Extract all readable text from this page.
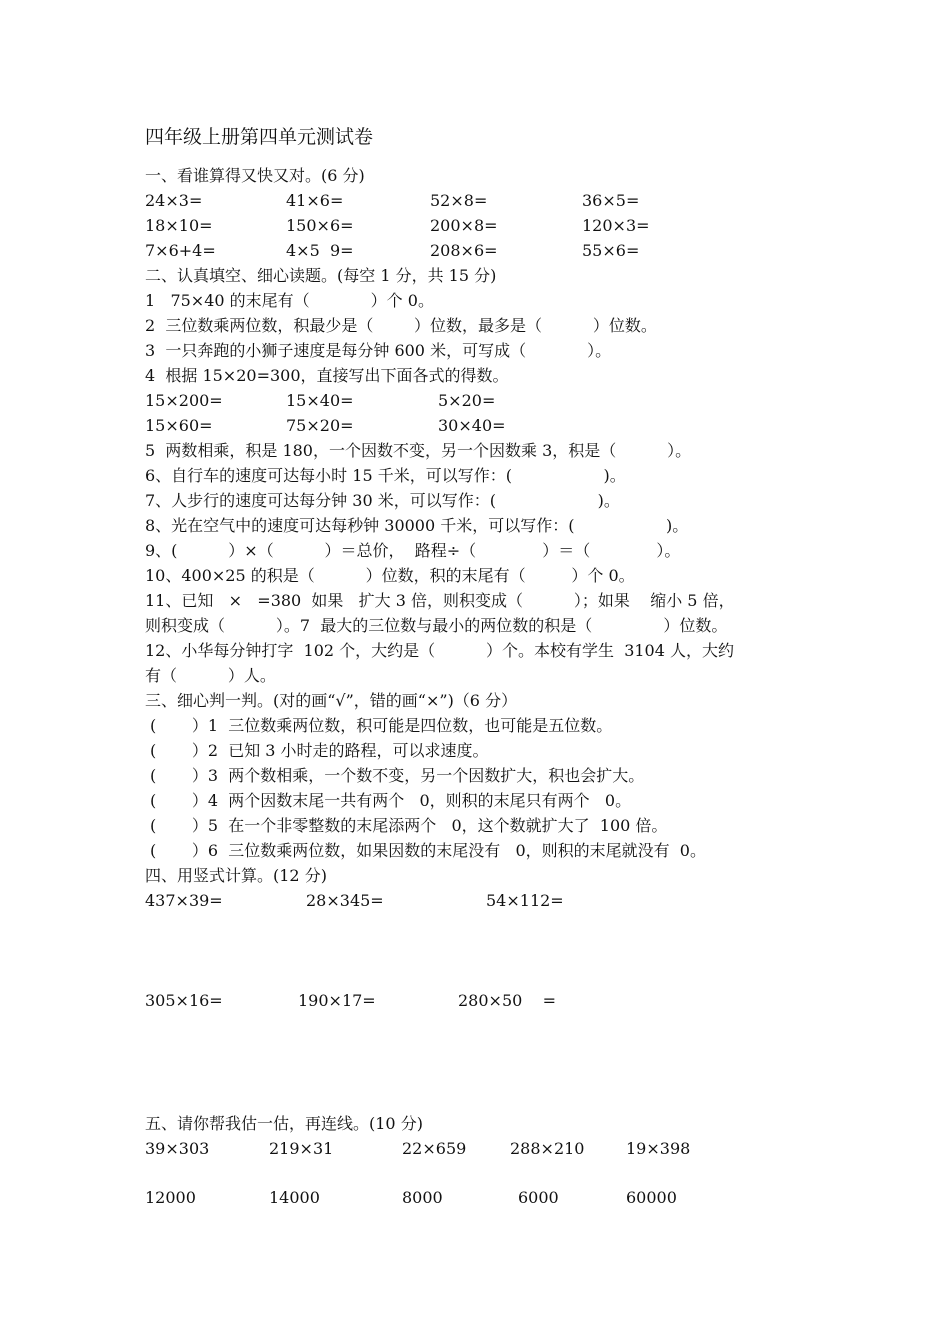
四年级上册第四单元测试卷
一、看谁算得又快又对。(6 分)
24×3=	41×6=	52×8=	36×5=
18×10=	150×6=	200×8=	120×3=
7×6+4=	4×5  9=	208×6=	55×6=
二、认真填空、细心读题。(每空 1 分，共 15 分)
1   75×40 的末尾有（            ）个 0。
2  三位数乘两位数，积最少是（        ）位数，最多是（          ）位数。
3  一只奔跑的小狮子速度是每分钟 600 米，可写成（            ）。
4  根据 15×20=300，直接写出下面各式的得数。
15×200=	15×40=	5×20=
15×60=	75×20=	30×40=
5  两数相乘，积是 180，一个因数不变，另一个因数乘 3，积是（          ）。
6、自行车的速度可达每小时 15 千米，可以写作：(                  )。
7、人步行的速度可达每分钟 30 米，可以写作：(                    )。
8、光在空气中的速度可达每秒钟 30000 千米，可以写作：(                  )。
9、(          ）×（          ）＝总价，  路程÷（             ）＝（             ）。
10、400×25 的积是（          ）位数，积的末尾有（         ）个 0。
11、已知   ×   =380  如果   扩大 3 倍，则积变成（          ）；如果    缩小 5 倍，
则积变成（          ）。7  最大的三位数与最小的两位数的积是（              ）位数。
12、小华每分钟打字  102 个，大约是（          ）个。本校有学生  3104 人，大约
有（          ）人。
三、细心判一判。(对的画“√”，错的画“×”)（6 分）
(       ）1  三位数乘两位数，积可能是四位数，也可能是五位数。
(       ）2  已知 3 小时走的路程，可以求速度。
(       ）3  两个数相乘，一个数不变，另一个因数扩大，积也会扩大。
(       ）4  两个因数末尾一共有两个   0，则积的末尾只有两个   0。
(       ）5  在一个非零整数的末尾添两个   0，这个数就扩大了  100 倍。
(       ）6  三位数乘两位数，如果因数的末尾没有   0，则积的末尾就没有  0。
四、用竖式计算。(12 分)
437×39=	28×345=	54×112=
305×16=	190×17=	280×50    =
五、请你帮我估一估，再连线。(10 分)
39×303	219×31	22×659	288×210	19×398
12000	14000	8000	6000	60000
